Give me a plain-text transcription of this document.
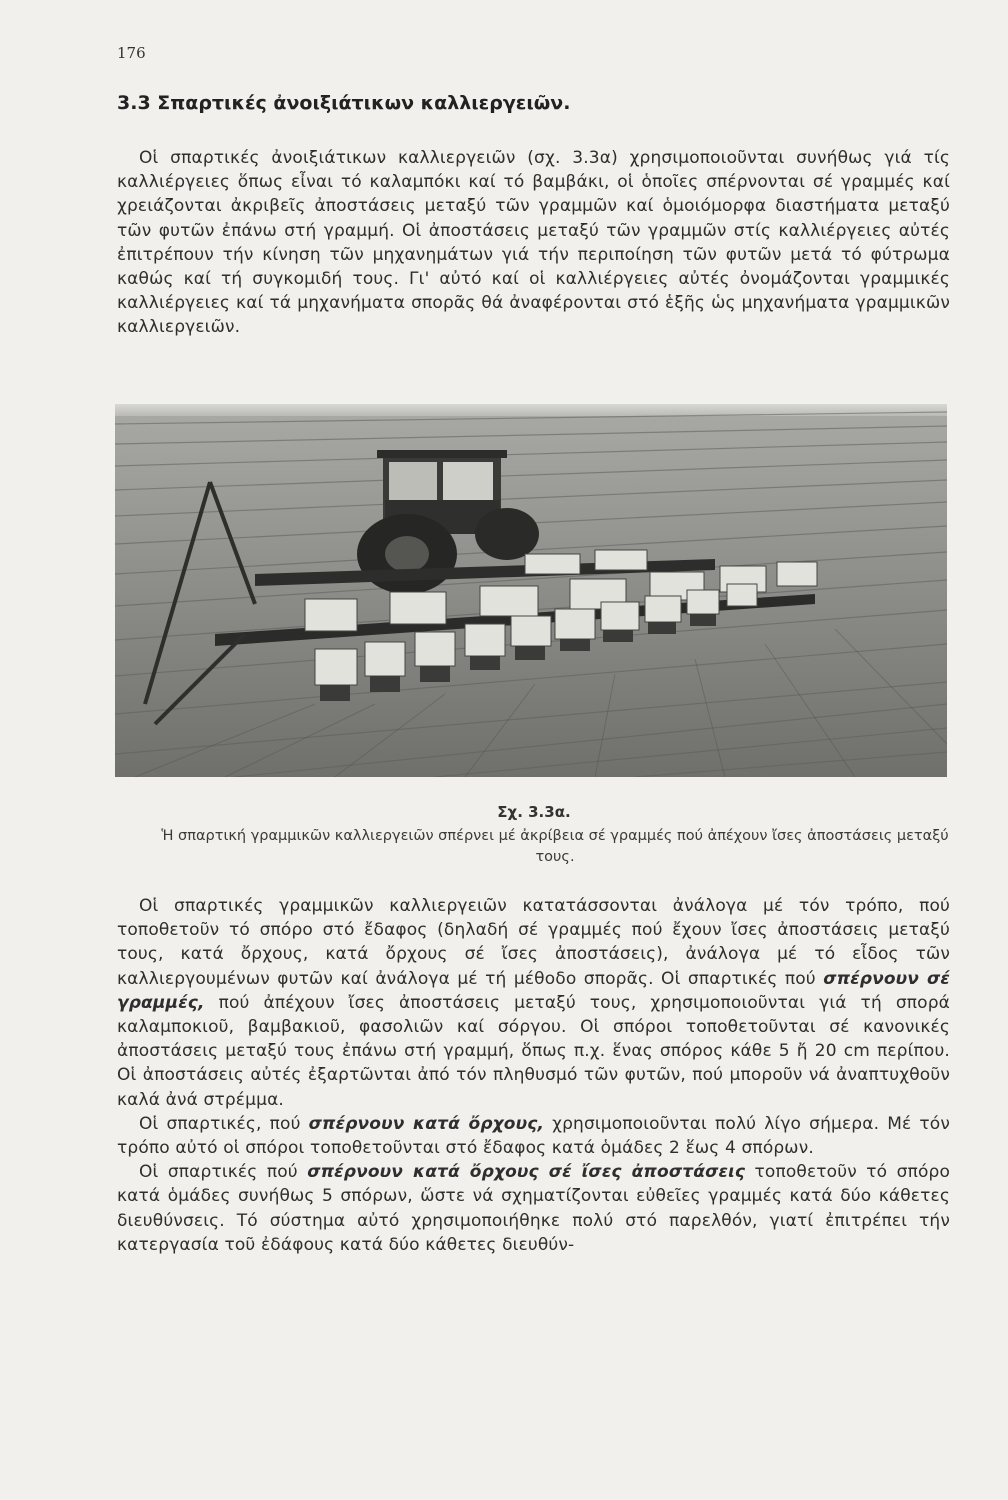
176
3.3 Σπαρτικές ἀνοιξιάτικων καλλιεργειῶν.

Οἱ σπαρτικές ἀνοιξιάτικων καλλιεργειῶν (σχ. 3.3α) χρησιμοποιοῦνται συνήθως γιά τίς καλλιέργειες ὅπως εἶναι τό καλαμπόκι καί τό βαμβάκι, οἱ ὁποῖες σπέρνονται σέ γραμμές καί χρειάζονται ἀκριβεῖς ἀποστάσεις μεταξύ τῶν γραμμῶν καί ὁμοιόμορφα διαστήματα μεταξύ τῶν φυτῶν ἐπάνω στή γραμμή. Οἱ ἀποστάσεις μεταξύ τῶν γραμμῶν στίς καλλιέργειες αὐτές ἐπιτρέπουν τήν κίνηση τῶν μηχανημάτων γιά τήν περιποίηση τῶν φυτῶν μετά τό φύτρωμα καθώς καί τή συγκομιδή τους. Γι' αὐτό καί οἱ καλλιέργειες αὐτές ὀνομάζονται γραμμικές καλλιέργειες καί τά μηχανήματα σπορᾶς θά ἀναφέρονται στό ἑξῆς ὡς μηχανήματα γραμμικῶν καλλιεργειῶν.

Σχ. 3.3α.
Ἡ σπαρτική γραμμικῶν καλλιεργειῶν σπέρνει μέ ἀκρίβεια σέ γραμμές πού ἀπέχουν ἴσες ἀποστάσεις μεταξύ τους.

Οἱ σπαρτικές γραμμικῶν καλλιεργειῶν κατατάσσονται ἀνάλογα μέ τόν τρόπο, πού τοποθετοῦν τό σπόρο στό ἔδαφος (δηλαδή σέ γραμμές πού ἔχουν ἴσες ἀποστάσεις μεταξύ τους, κατά ὄρχους, κατά ὄρχους σέ ἴσες ἀποστάσεις), ἀνάλογα μέ τό εἶδος τῶν καλλιεργουμένων φυτῶν καί ἀνάλογα μέ τή μέθοδο σπορᾶς. Οἱ σπαρτικές πού σπέρνουν σέ γραμμές, πού ἀπέχουν ἴσες ἀποστάσεις μεταξύ τους, χρησιμοποιοῦνται γιά τή σπορά καλαμποκιοῦ, βαμβακιοῦ, φασολιῶν καί σόργου. Οἱ σπόροι τοποθετοῦνται σέ κανονικές ἀποστάσεις μεταξύ τους ἐπάνω στή γραμμή, ὅπως π.χ. ἕνας σπόρος κάθε 5 ἤ 20 cm περίπου. Οἱ ἀποστάσεις αὐτές ἐξαρτῶνται ἀπό τόν πληθυσμό τῶν φυτῶν, πού μποροῦν νά ἀναπτυχθοῦν καλά ἀνά στρέμμα.

Οἱ σπαρτικές, πού σπέρνουν κατά ὄρχους, χρησιμοποιοῦνται πολύ λίγο σήμερα. Μέ τόν τρόπο αὐτό οἱ σπόροι τοποθετοῦνται στό ἔδαφος κατά ὁμάδες 2 ἕως 4 σπόρων.

Οἱ σπαρτικές πού σπέρνουν κατά ὄρχους σέ ἴσες ἀποστάσεις τοποθετοῦν τό σπόρο κατά ὁμάδες συνήθως 5 σπόρων, ὥστε νά σχηματίζονται εὐθεῖες γραμμές κατά δύο κάθετες διευθύνσεις. Τό σύστημα αὐτό χρησιμοποιήθηκε πολύ στό παρελθόν, γιατί ἐπιτρέπει τήν κατεργασία τοῦ ἐδάφους κατά δύο κάθετες διευθύν-
